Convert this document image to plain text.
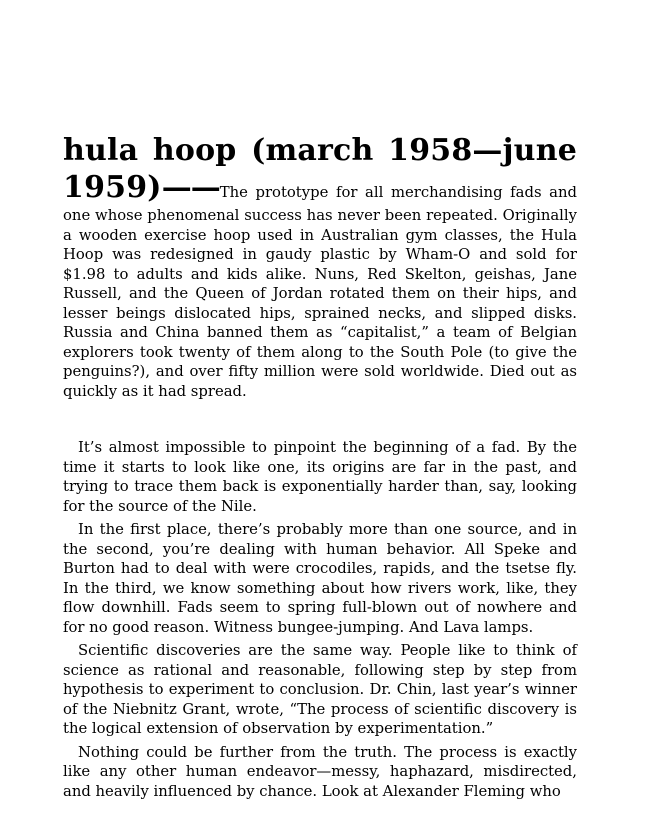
hula hoop (march 1958—june 1959)——The prototype for all merchandising fads and one whose phenomenal success has never been repeated. Originally a wooden exercise hoop used in Australian gym classes, the Hula Hoop was redesigned in gaudy plastic by Wham-O and sold for $1.98 to adults and kids alike. Nuns, Red Skelton, geishas, Jane Russell, and the Queen of Jordan rotated them on their hips, and lesser beings dislocated hips, sprained necks, and slipped disks. Russia and China banned them as “capitalist,” a team of Belgian explorers took twenty of them along to the South Pole (to give the penguins?), and over fifty million were sold worldwide. Died out as quickly as it had spread.

It’s almost impossible to pinpoint the beginning of a fad. By the time it starts to look like one, its origins are far in the past, and trying to trace them back is exponentially harder than, say, looking for the source of the Nile.

In the first place, there’s probably more than one source, and in the second, you’re dealing with human behavior. All Speke and Burton had to deal with were crocodiles, rapids, and the tsetse fly. In the third, we know something about how rivers work, like, they flow downhill. Fads seem to spring full-blown out of nowhere and for no good reason. Witness bungee-jumping. And Lava lamps.

Scientific discoveries are the same way. People like to think of science as rational and reasonable, following step by step from hypothesis to experiment to conclusion. Dr. Chin, last year’s winner of the Niebnitz Grant, wrote, “The process of scientific discovery is the logical extension of observation by experimentation.”

Nothing could be further from the truth. The process is exactly like any other human endeavor—messy, haphazard, misdirected, and heavily influenced by chance. Look at Alexander Fleming who
